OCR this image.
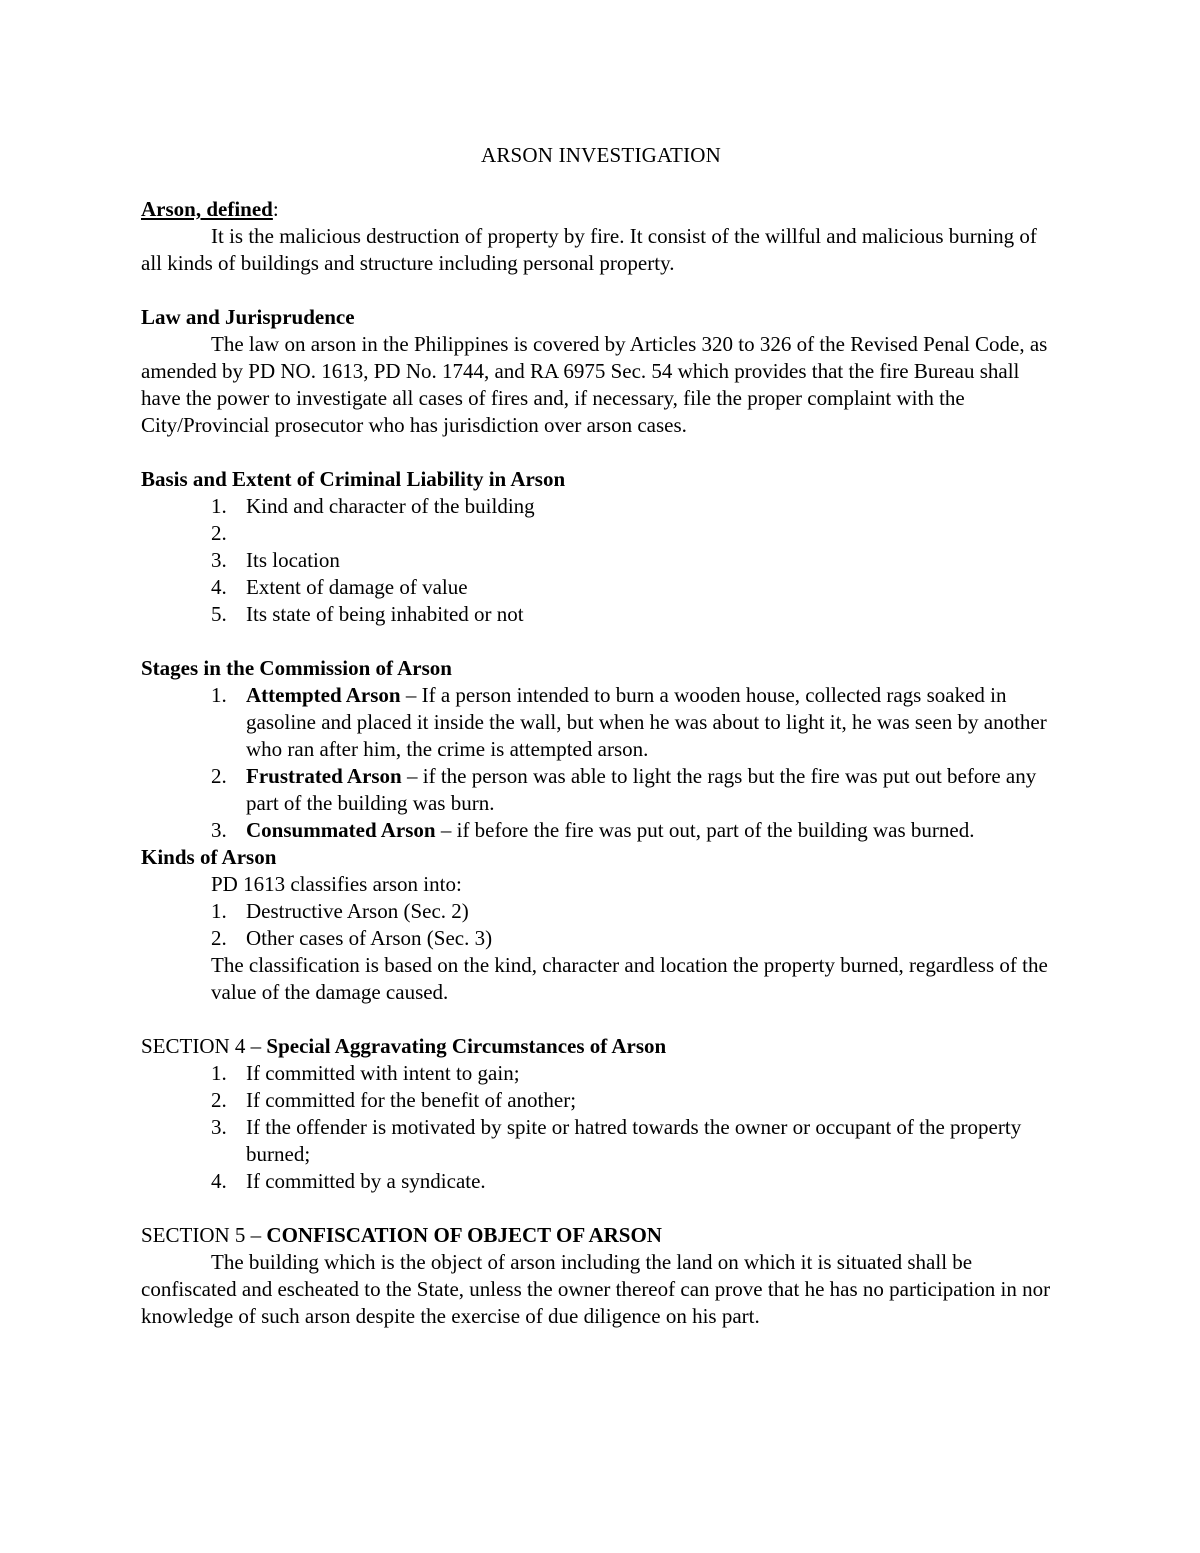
ARSON INVESTIGATION
Arson, defined:
It is the malicious destruction of property by fire. It consist of the willful and malicious burning of all kinds of buildings and structure including personal property.
Law and Jurisprudence
The law on arson in the Philippines is covered by Articles 320 to 326 of the Revised Penal Code, as amended by PD NO. 1613, PD No. 1744, and RA 6975 Sec. 54 which provides that the fire Bureau shall have the power to investigate all cases of fires and, if necessary, file the proper complaint with the City/Provincial prosecutor who has jurisdiction over arson cases.
Basis and Extent of Criminal Liability in Arson
1. Kind and character of the building
2.

3. Its location
4. Extent of damage of value
5. Its state of being inhabited or not
Stages in the Commission of Arson
1. Attempted Arson – If a person intended to burn a wooden house, collected rags soaked in gasoline and placed it inside the wall, but when he was about to light it, he was seen by another who ran after him, the crime is attempted arson.
2. Frustrated Arson – if the person was able to light the rags but the fire was put out before any part of the building was burn.
3. Consummated Arson – if before the fire was put out, part of the building was burned.
Kinds of Arson
PD 1613 classifies arson into:
1. Destructive Arson (Sec. 2)
2. Other cases of Arson (Sec. 3)
The classification is based on the kind, character and location the property burned, regardless of the value of the damage caused.
SECTION 4 – Special Aggravating Circumstances of Arson
1. If committed with intent to gain;
2. If committed for the benefit of another;
3. If the offender is motivated by spite or hatred towards the owner or occupant of the property burned;
4. If committed by a syndicate.
SECTION 5 – CONFISCATION OF OBJECT OF ARSON
The building which is the object of arson including the land on which it is situated shall be confiscated and escheated to the State, unless the owner thereof can prove that he has no participation in nor knowledge of such arson despite the exercise of due diligence on his part.
